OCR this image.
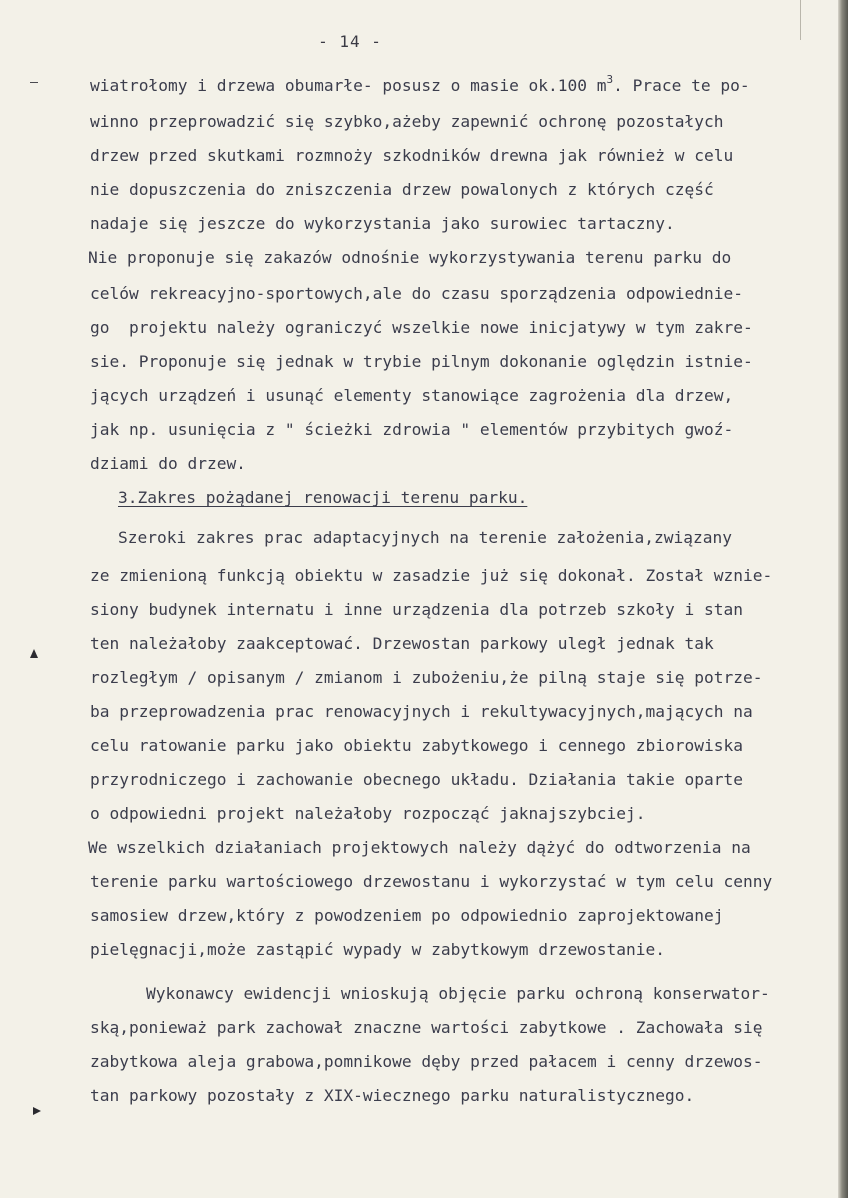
- 14 -
wiatrołomy i drzewa obumarłe- posusz o masie ok.100 $m^3$. Prace te po-
winno przeprowadzić się szybko,ażeby zapewnić ochronę pozostałych
drzew przed skutkami rozmnoży szkodników drewna jak również w celu
nie dopuszczenia do zniszczenia drzew powalonych z których część
nadaje się jeszcze do wykorzystania jako surowiec tartaczny.
Nie proponuje się zakazów odnośnie wykorzystywania terenu parku do
celów rekreacyjno-sportowych,ale do czasu sporządzenia odpowiednie-
go  projektu należy ograniczyć wszelkie nowe inicjatywy w tym zakre-
sie. Proponuje się jednak w trybie pilnym dokonanie oględzin istnie-
jących urządzeń i usunąć elementy stanowiące zagrożenia dla drzew,
jak np. usunięcia z " ścieżki zdrowia " elementów przybitych gwoź-
dziami do drzew.
3.Zakres pożądanej renowacji terenu parku.
Szeroki zakres prac adaptacyjnych na terenie założenia,związany
ze zmienioną funkcją obiektu w zasadzie już się dokonał. Został wznie-
siony budynek internatu i inne urządzenia dla potrzeb szkoły i stan
ten należałoby zaakceptować. Drzewostan parkowy uległ jednak tak
rozległym / opisanym / zmianom i zubożeniu,że pilną staje się potrze-
ba przeprowadzenia prac renowacyjnych i rekultywacyjnych,mających na
celu ratowanie parku jako obiektu zabytkowego i cennego zbiorowiska
przyrodniczego i zachowanie obecnego układu. Działania takie oparte
o odpowiedni projekt należałoby rozpocząć jaknajszybciej.
We wszelkich działaniach projektowych należy dążyć do odtworzenia na
terenie parku wartościowego drzewostanu i wykorzystać w tym celu cenny
samosiew drzew,który z powodzeniem po odpowiednio zaprojektowanej
pielęgnacji,może zastąpić wypady w zabytkowym drzewostanie.
Wykonawcy ewidencji wnioskują objęcie parku ochroną konserwator-
ską,ponieważ park zachował znaczne wartości zabytkowe . Zachowała się
zabytkowa aleja grabowa,pomnikowe dęby przed pałacem i cenny drzewos-
tan parkowy pozostały z XIX-wiecznego parku naturalistycznego.
